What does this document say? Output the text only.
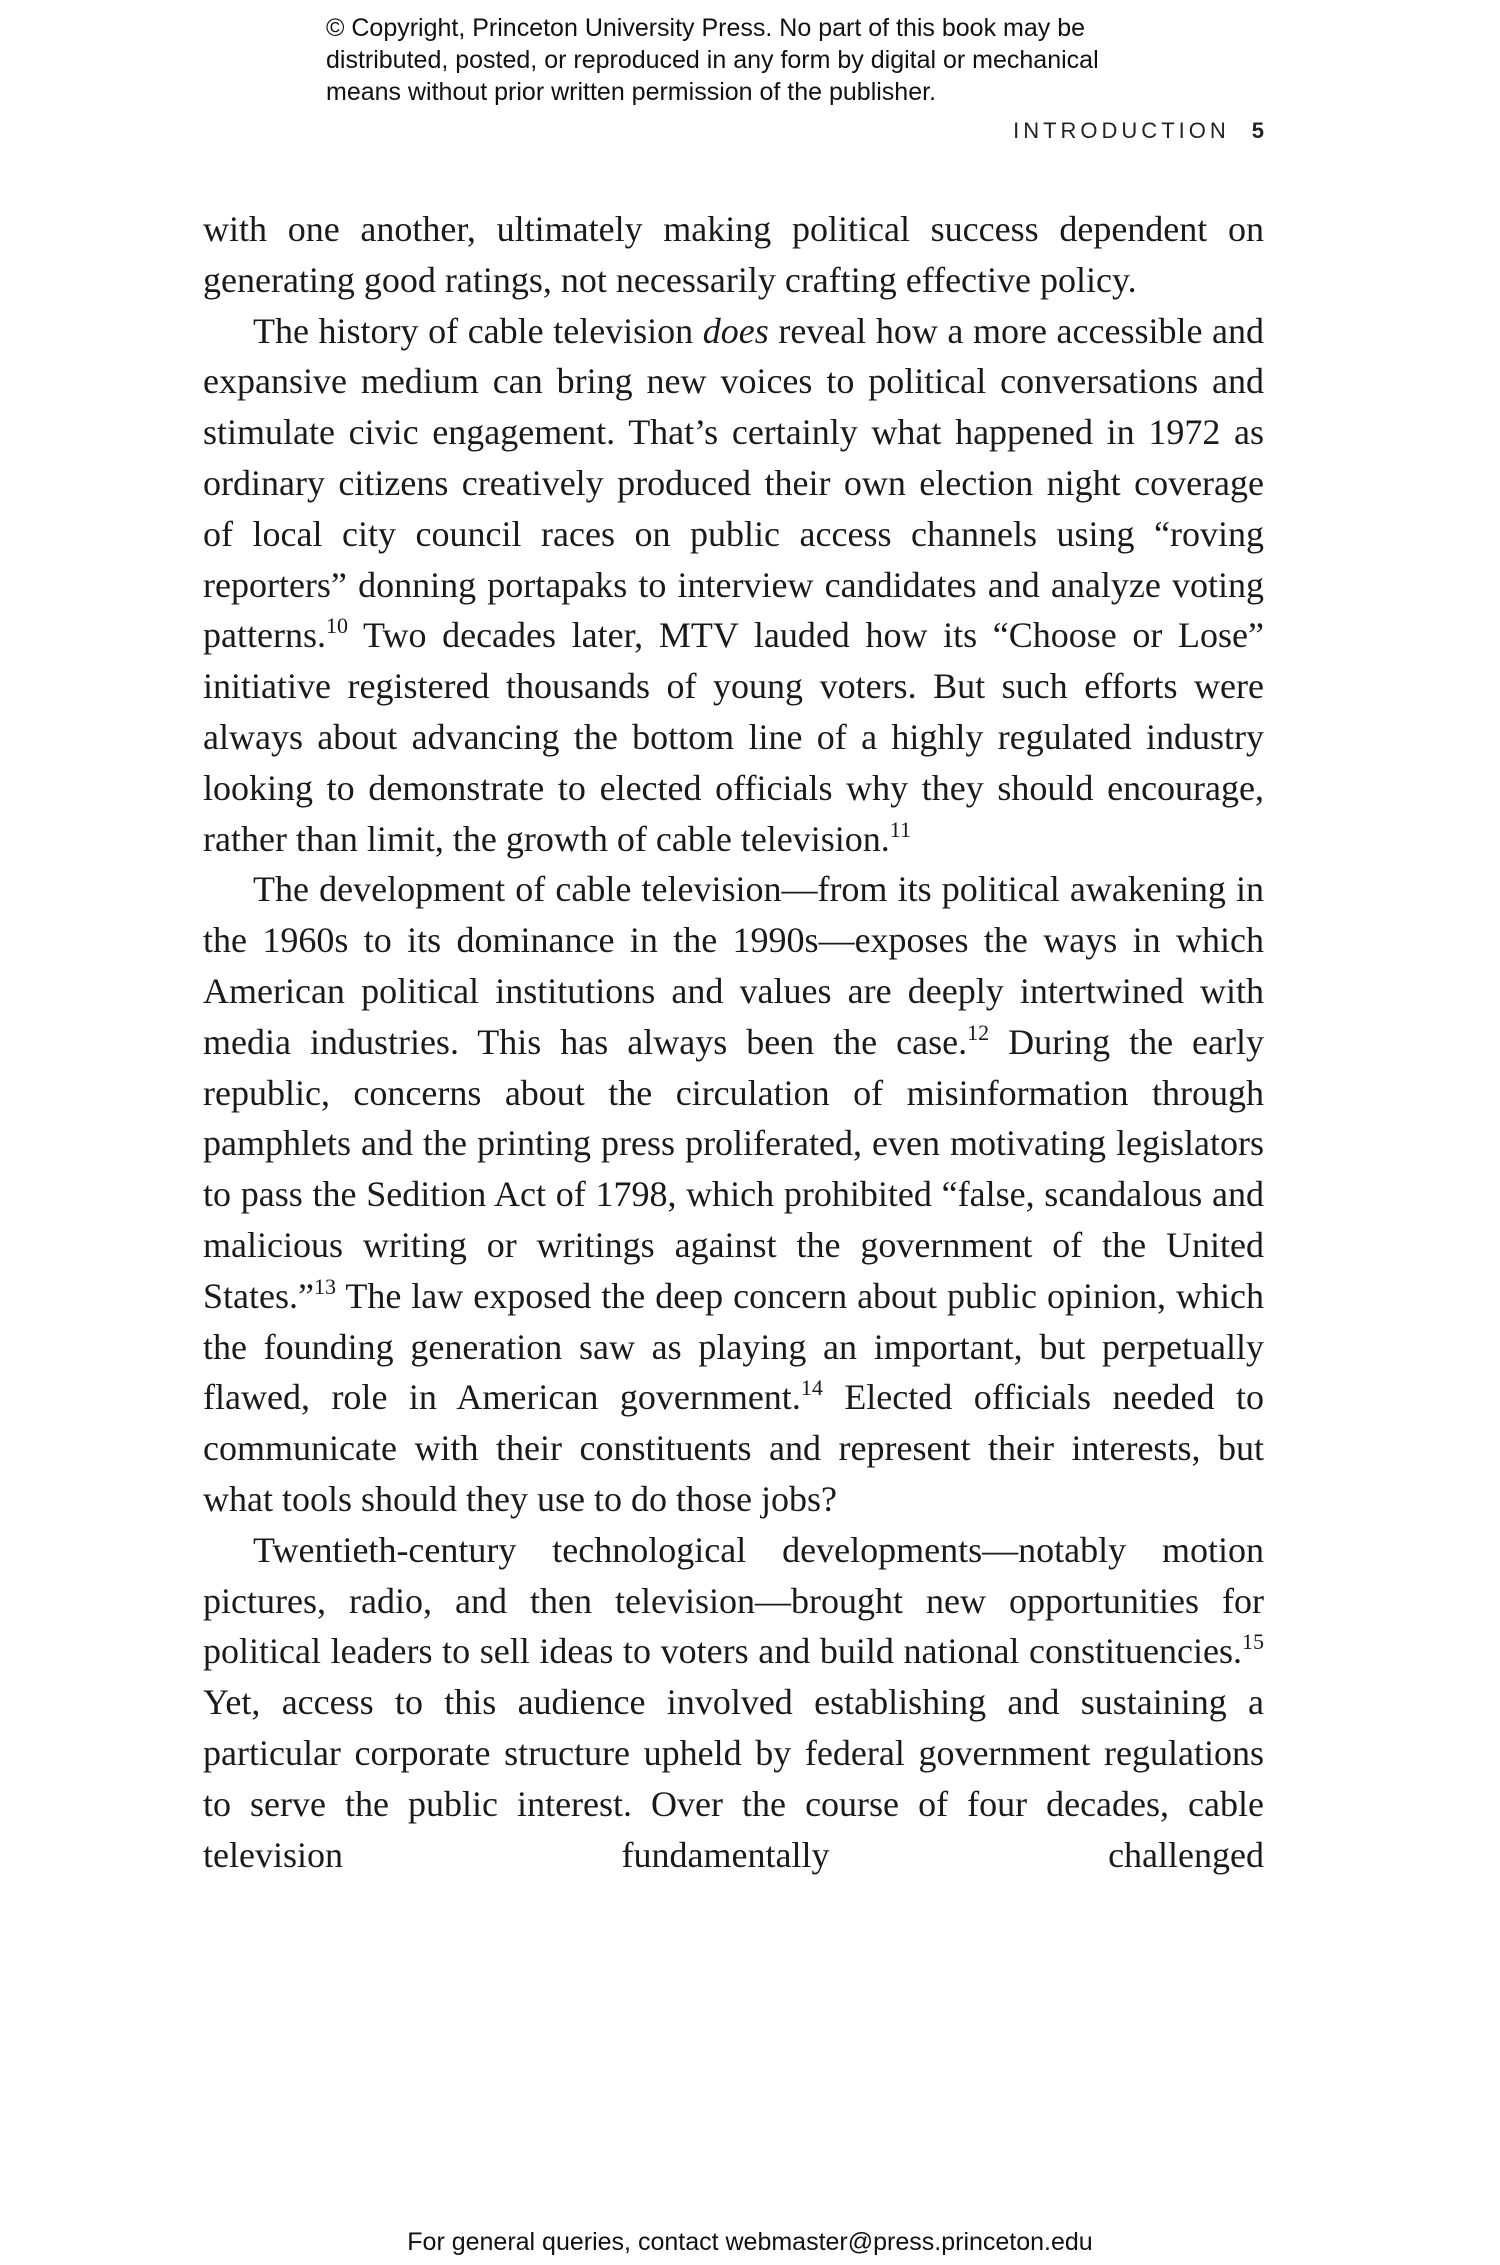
© Copyright, Princeton University Press. No part of this book may be
distributed, posted, or reproduced in any form by digital or mechanical
means without prior written permission of the publisher.
INTRODUCTION 5

with one another, ultimately making political success dependent on generating good ratings, not necessarily crafting effective policy.

The history of cable television does reveal how a more accessible and expansive medium can bring new voices to political conversations and stimulate civic engagement. That’s certainly what happened in 1972 as ordinary citizens creatively produced their own election night coverage of local city council races on public access channels using “roving reporters” donning portapaks to interview candidates and analyze voting patterns.$^{10}$ Two decades later, MTV lauded how its “Choose or Lose” initiative registered thousands of young voters. But such efforts were always about advancing the bottom line of a highly regulated industry looking to demonstrate to elected officials why they should encourage, rather than limit, the growth of cable television.$^{11}$

The development of cable television—from its political awakening in the 1960s to its dominance in the 1990s—exposes the ways in which American political institutions and values are deeply intertwined with media industries. This has always been the case.$^{12}$ During the early republic, concerns about the circulation of misinformation through pamphlets and the printing press proliferated, even motivating legislators to pass the Sedition Act of 1798, which prohibited “false, scandalous and malicious writing or writings against the government of the United States.”$^{13}$ The law exposed the deep concern about public opinion, which the founding generation saw as playing an important, but perpetually flawed, role in American government.$^{14}$ Elected officials needed to communicate with their constituents and represent their interests, but what tools should they use to do those jobs?

Twentieth-century technological developments—notably motion pictures, radio, and then television—brought new opportunities for political leaders to sell ideas to voters and build national constituencies.$^{15}$ Yet, access to this audience involved establishing and sustaining a particular corporate structure upheld by federal government regulations to serve the public interest. Over the course of four decades, cable television fundamentally challenged

For general queries, contact webmaster@press.princeton.edu
